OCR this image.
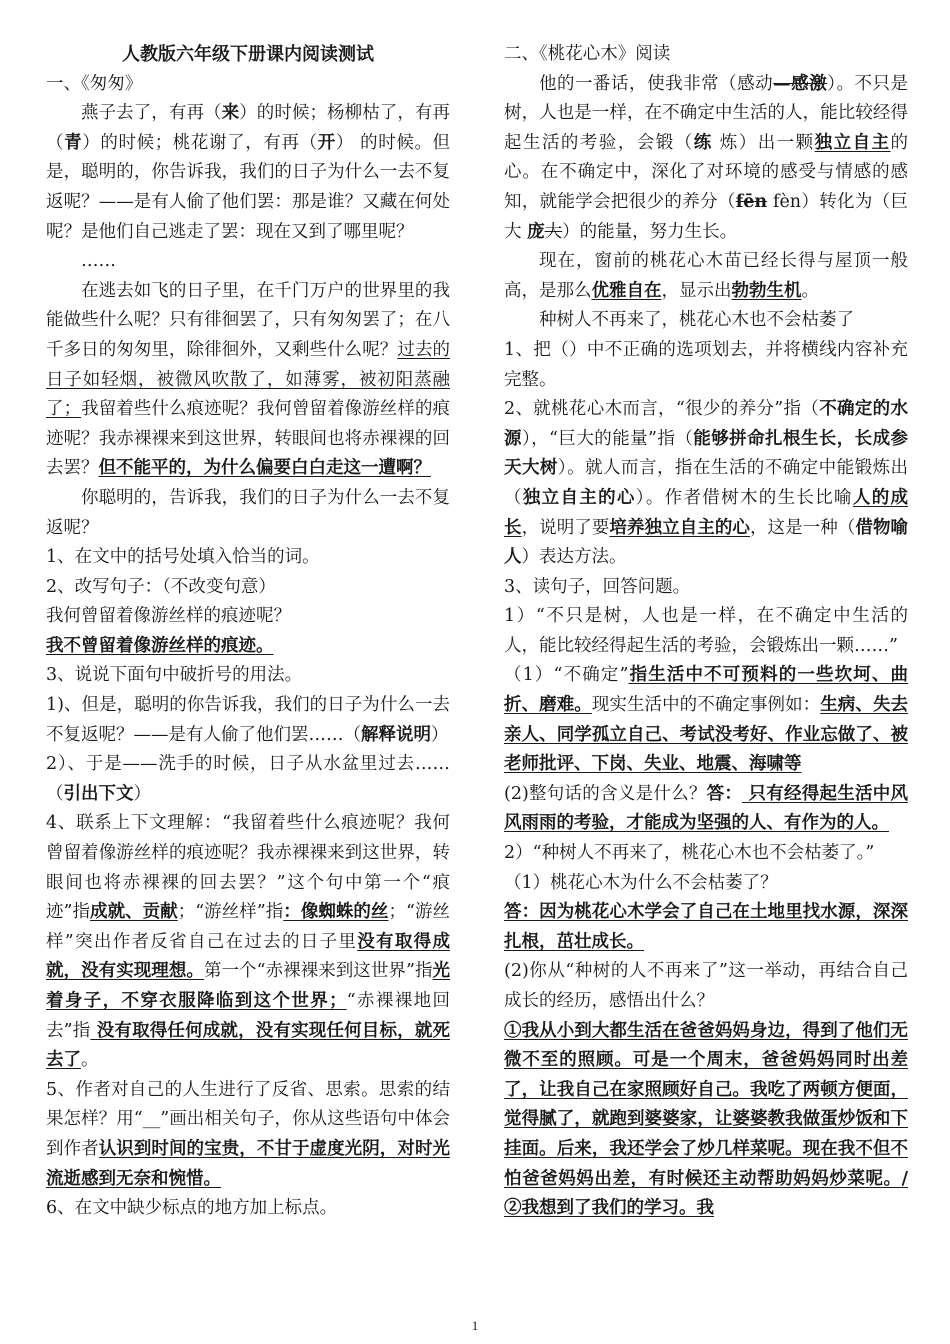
人教版六年级下册课内阅读测试

一、《匆匆》

燕子去了，有再（来）的时候；杨柳枯了，有再（青）的时候；桃花谢了，有再（开） 的时候。但是，聪明的，你告诉我，我们的日子为什么一去不复返呢？——是有人偷了他们罢：那是谁？又藏在何处呢？是他们自己逃走了罢：现在又到了哪里呢？

……

在逃去如飞的日子里，在千门万户的世界里的我能做些什么呢？只有徘徊罢了，只有匆匆罢了；在八千多日的匆匆里，除徘徊外，又剩些什么呢？过去的日子如轻烟，被微风吹散了，如薄雾，被初阳蒸融了；我留着些什么痕迹呢？我何曾留着像游丝样的痕迹呢？我赤裸裸来到这世界，转眼间也将赤裸裸的回去罢？但不能平的，为什么偏要白白走这一遭啊？

你聪明的，告诉我，我们的日子为什么一去不复返呢？

1、在文中的括号处填入恰当的词。

2、改写句子：（不改变句意）

我何曾留着像游丝样的痕迹呢？

我不曾留着像游丝样的痕迹。

3、说说下面句中破折号的用法。

1)、但是，聪明的你告诉我，我们的日子为什么一去不复返呢？——是有人偷了他们罢……（解释说明）

2）、于是——洗手的时候，日子从水盆里过去…… （引出下文）

4、联系上下文理解：“我留着些什么痕迹呢？我何曾留着像游丝样的痕迹呢？我赤裸裸来到这世界，转眼间也将赤裸裸的回去罢？”这个句中第一个“痕迹”指成就、贡献；“游丝样”指：像蜘蛛的丝；“游丝样”突出作者反省自己在过去的日子里没有取得成就，没有实现理想。第一个“赤裸裸来到这世界”指光着身子，不穿衣服降临到这个世界；“赤裸裸地回去”指 没有取得任何成就，没有实现任何目标，就死去了。

5、作者对自己的人生进行了反省、思索。思索的结果怎样？用“__”画出相关句子，你从这些语句中体会到作者认识到时间的宝贵，不甘于虚度光阴，对时光流逝感到无奈和惋惜。

6、在文中缺少标点的地方加上标点。

二、《桃花心木》阅读

他的一番话，使我非常（感动—感激）。不只是树，人也是一样，在不确定中生活的人，能比较经得起生活的考验，会锻（练 炼）出一颗独立自主的心。在不确定中，深化了对环境的感受与情感的感知，就能学会把很少的养分（fēn fèn）转化为（巨大 庞大）的能量，努力生长。

现在，窗前的桃花心木苗已经长得与屋顶一般高，是那么优雅自在，显示出勃勃生机。

种树人不再来了，桃花心木也不会枯萎了

1、把（）中不正确的选项划去，并将横线内容补充完整。

2、就桃花心木而言，“很少的养分”指（不确定的水源），“巨大的能量”指（能够拼命扎根生长，长成参天大树）。就人而言，指在生活的不确定中能锻炼出（独立自主的心）。作者借树木的生长比喻人的成长，说明了要培养独立自主的心，这是一种（借物喻人）表达方法。

3、读句子，回答问题。

1）“不只是树，人也是一样，在不确定中生活的人，能比较经得起生活的考验，会锻炼出一颗……”

（1）“不确定”指生活中不可预料的一些坎坷、曲折、磨难。现实生活中的不确定事例如：生病、失去亲人、同学孤立自己、考试没考好、作业忘做了、被老师批评、下岗、失业、地震、海啸等

(2)整句话的含义是什么？答： 只有经得起生活中风风雨雨的考验，才能成为坚强的人、有作为的人。

2）“种树人不再来了，桃花心木也不会枯萎了。”

（1）桃花心木为什么不会枯萎了？

答：因为桃花心木学会了自己在土地里找水源，深深扎根，茁壮成长。

(2)你从“种树的人不再来了”这一举动，再结合自己成长的经历，感悟出什么？

①我从小到大都生活在爸爸妈妈身边，得到了他们无微不至的照顾。可是一个周末，爸爸妈妈同时出差了，让我自己在家照顾好自己。我吃了两顿方便面，觉得腻了，就跑到婆婆家，让婆婆教我做蛋炒饭和下挂面。后来，我还学会了炒几样菜呢。现在我不但不怕爸爸妈妈出差，有时候还主动帮助妈妈炒菜呢。/②我想到了我们的学习。我

1
